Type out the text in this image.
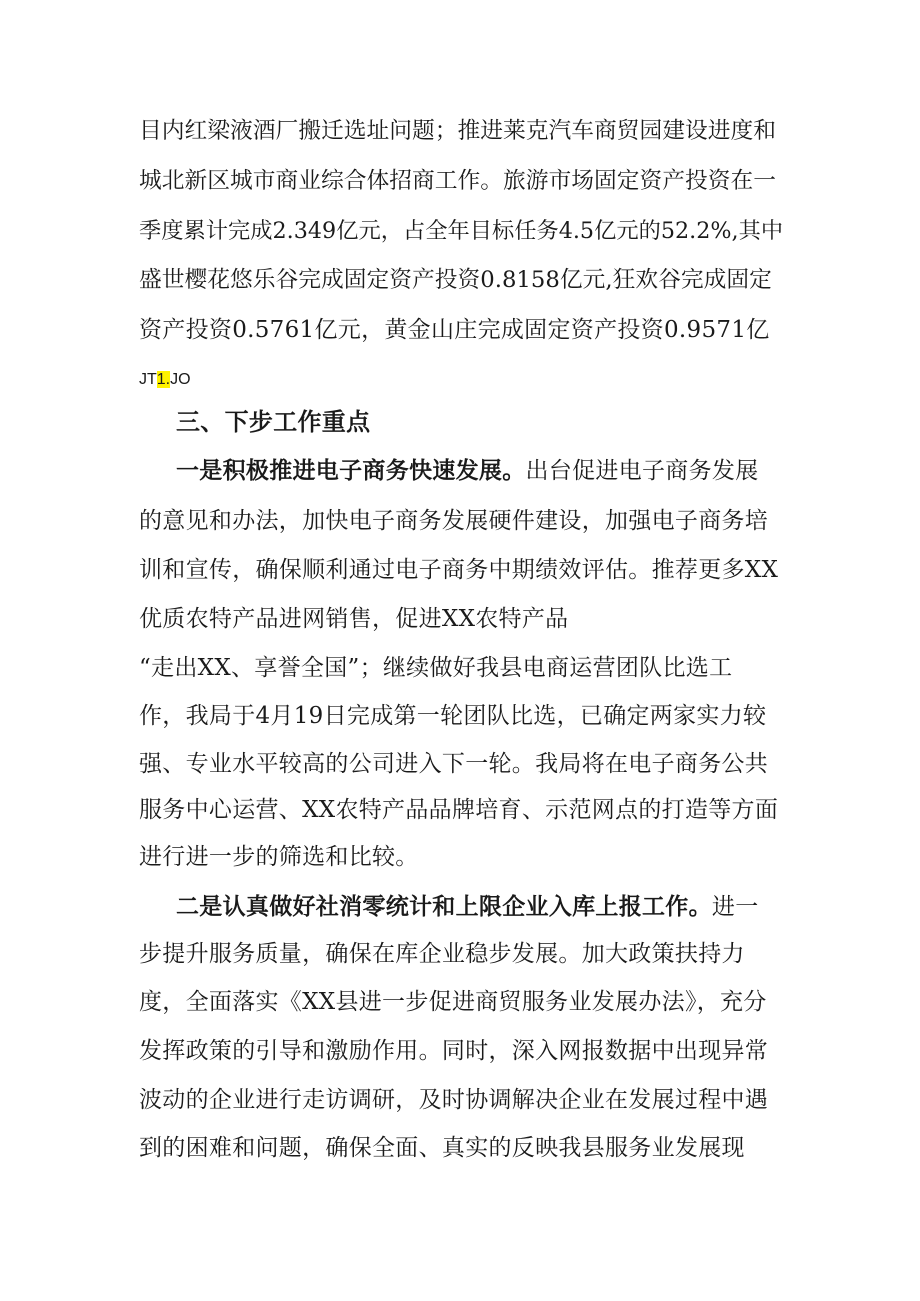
目内红梁液酒厂搬迁选址问题；推进莱克汽车商贸园建设进度和
城北新区城市商业综合体招商工作。旅游市场固定资产投资在一
季度累计完成2.349亿元，占全年目标任务4.5亿元的52.2%,其中
盛世樱花悠乐谷完成固定资产投资0.8158亿元,狂欢谷完成固定
资产投资0.5761亿元，黄金山庄完成固定资产投资0.9571亿
JT1.JO
三、下步工作重点
一是积极推进电子商务快速发展。出台促进电子商务发展
的意见和办法，加快电子商务发展硬件建设，加强电子商务培
训和宣传，确保顺利通过电子商务中期绩效评估。推荐更多XX
优质农特产品进网销售，促进XX农特产品
“走出XX、享誉全国”；继续做好我县电商运营团队比选工
作，我局于4月19日完成第一轮团队比选，已确定两家实力较
强、专业水平较高的公司进入下一轮。我局将在电子商务公共
服务中心运营、XX农特产品品牌培育、示范网点的打造等方面
进行进一步的筛选和比较。
二是认真做好社消零统计和上限企业入库上报工作。进一
步提升服务质量，确保在库企业稳步发展。加大政策扶持力
度，全面落实《XX县进一步促进商贸服务业发展办法》，充分
发挥政策的引导和激励作用。同时，深入网报数据中出现异常
波动的企业进行走访调研，及时协调解决企业在发展过程中遇
到的困难和问题，确保全面、真实的反映我县服务业发展现
